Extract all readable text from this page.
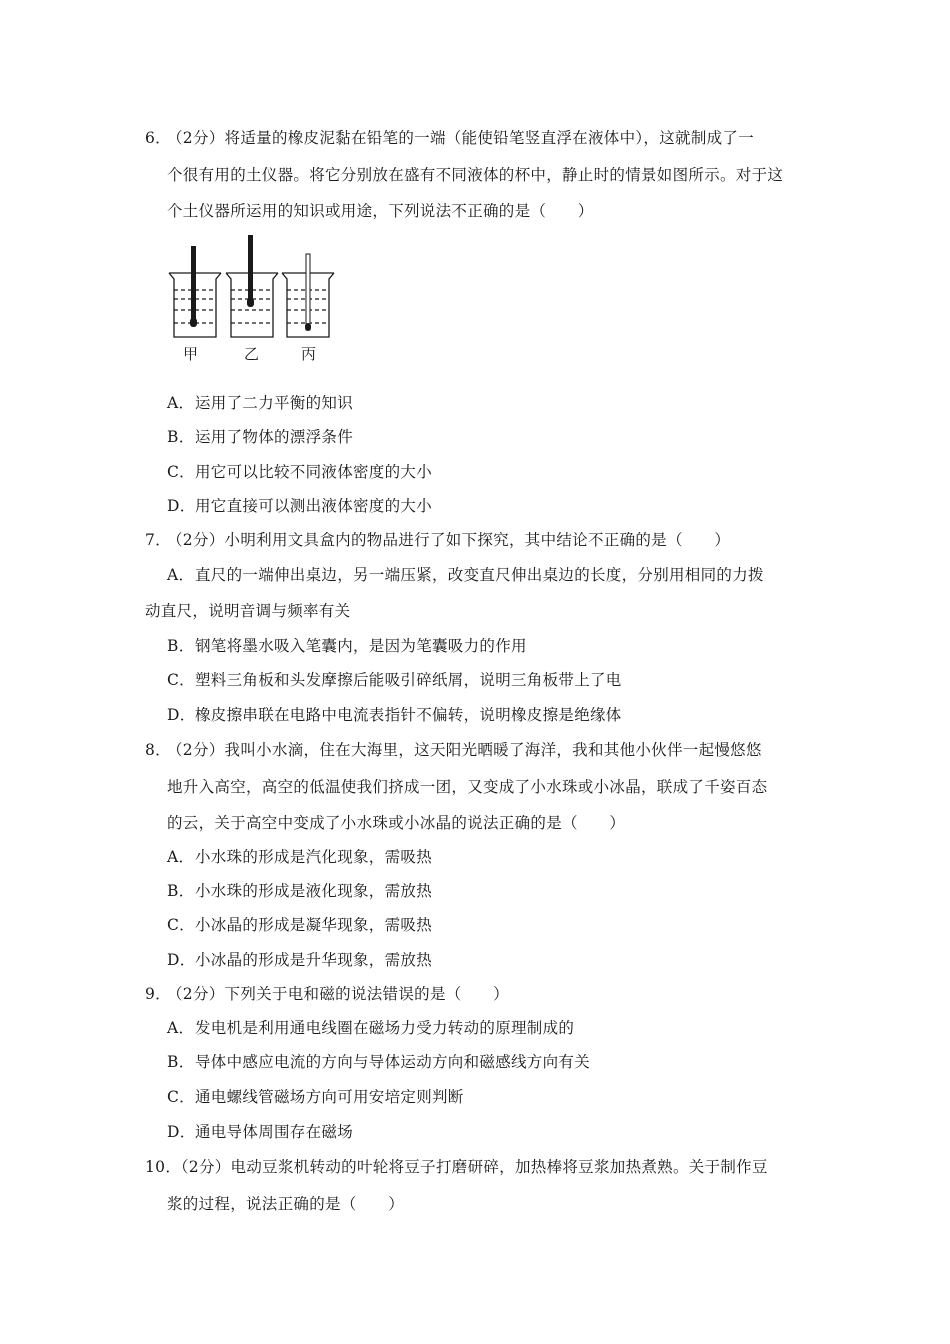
6．（2分）将适量的橡皮泥黏在铅笔的一端（能使铅笔竖直浮在液体中），这就制成了一
个很有用的土仪器。将它分别放在盛有不同液体的杯中，静止时的情景如图所示。对于这
个土仪器所运用的知识或用途，下列说法不正确的是（　　）
甲	乙	丙
A．运用了二力平衡的知识
B．运用了物体的漂浮条件
C．用它可以比较不同液体密度的大小
D．用它直接可以测出液体密度的大小
7．（2分）小明利用文具盒内的物品进行了如下探究，其中结论不正确的是（　　）
A．直尺的一端伸出桌边，另一端压紧，改变直尺伸出桌边的长度，分别用相同的力拨
动直尺，说明音调与频率有关
B．钢笔将墨水吸入笔囊内，是因为笔囊吸力的作用
C．塑料三角板和头发摩擦后能吸引碎纸屑，说明三角板带上了电
D．橡皮擦串联在电路中电流表指针不偏转，说明橡皮擦是绝缘体
8．（2分）我叫小水滴，住在大海里，这天阳光晒暖了海洋，我和其他小伙伴一起慢悠悠
地升入高空，高空的低温使我们挤成一团，又变成了小水珠或小冰晶，联成了千姿百态
的云，关于高空中变成了小水珠或小冰晶的说法正确的是（　　）
A．小水珠的形成是汽化现象，需吸热
B．小水珠的形成是液化现象，需放热
C．小冰晶的形成是凝华现象，需吸热
D．小冰晶的形成是升华现象，需放热
9．（2分）下列关于电和磁的说法错误的是（　　）
A．发电机是利用通电线圈在磁场力受力转动的原理制成的
B．导体中感应电流的方向与导体运动方向和磁感线方向有关
C．通电螺线管磁场方向可用安培定则判断
D．通电导体周围存在磁场
10．（2分）电动豆浆机转动的叶轮将豆子打磨研碎，加热棒将豆浆加热煮熟。关于制作豆
浆的过程，说法正确的是（　　）
